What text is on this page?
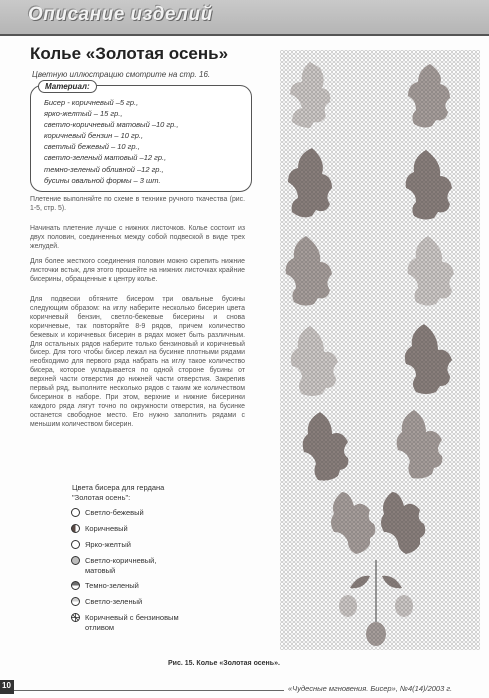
Описание изделий
Колье «Золотая осень»
Цветную иллюстрацию смотрите на стр. 16.
Материал:
Бисер - коричневый –5 гр.,
ярко-желтый – 15 гр.,
светло-коричневый матовый –10 гр.,
коричневый бензин – 10 гр.,
светлый бежевый – 10 гр.,
светло-зеленый матовый –12 гр.,
темно-зеленый обливной –12 гр.,
бусины овальной формы – 3 шт.
Плетение выполняйте по схеме в технике ручного ткачества (рис. 1-5, стр. 5).
Начинать плетение лучше с нижних листочков. Колье состоит из двух половин, соединенных между собой подвеской в виде трех желудей.
Для более жесткого соединения половин можно скрепить нижние листочки встык, для этого прошейте на нижних листочках крайние бисерины, обращенные к центру колье.
Для подвески обтяните бисером три овальные бусины следующим образом: на иглу наберите несколько бисерин цвета коричневый бензин, светло-бежевые бисерины и снова коричневые, так повторяйте 8-9 рядов, причем количество бежевых и коричневых бисерин в рядах может быть различным. Для остальных рядов наберите только бензиновый и коричневый бисер. Для того чтобы бисер лежал на бусинке плотными рядами необходимо для первого ряда набрать на иглу такое количество бисера, которое укладывается по одной стороне бусины от верхней части отверстия до нижней части отверстия. Закрепив первый ряд, выполните несколько рядов с таким же количеством бисеринок в наборе. При этом, верхние и нижние бисеринки каждого ряда лягут точно по окружности отверстия, на бусинке останется свободное место. Его нужно заполнить рядами с меньшим количеством бисерин.
Цвета бисера для гердана
"Золотая осень":
Светло-бежевый
Коричневый
Ярко-желтый
Светло-коричневый,
матовый
Темно-зеленый
Светло-зеленый
Коричневый с бензиновым
отливом
Рис. 15. Колье «Золотая осень».
10	«Чудесные мгновения. Бисер», №4(14)/2003 г.
